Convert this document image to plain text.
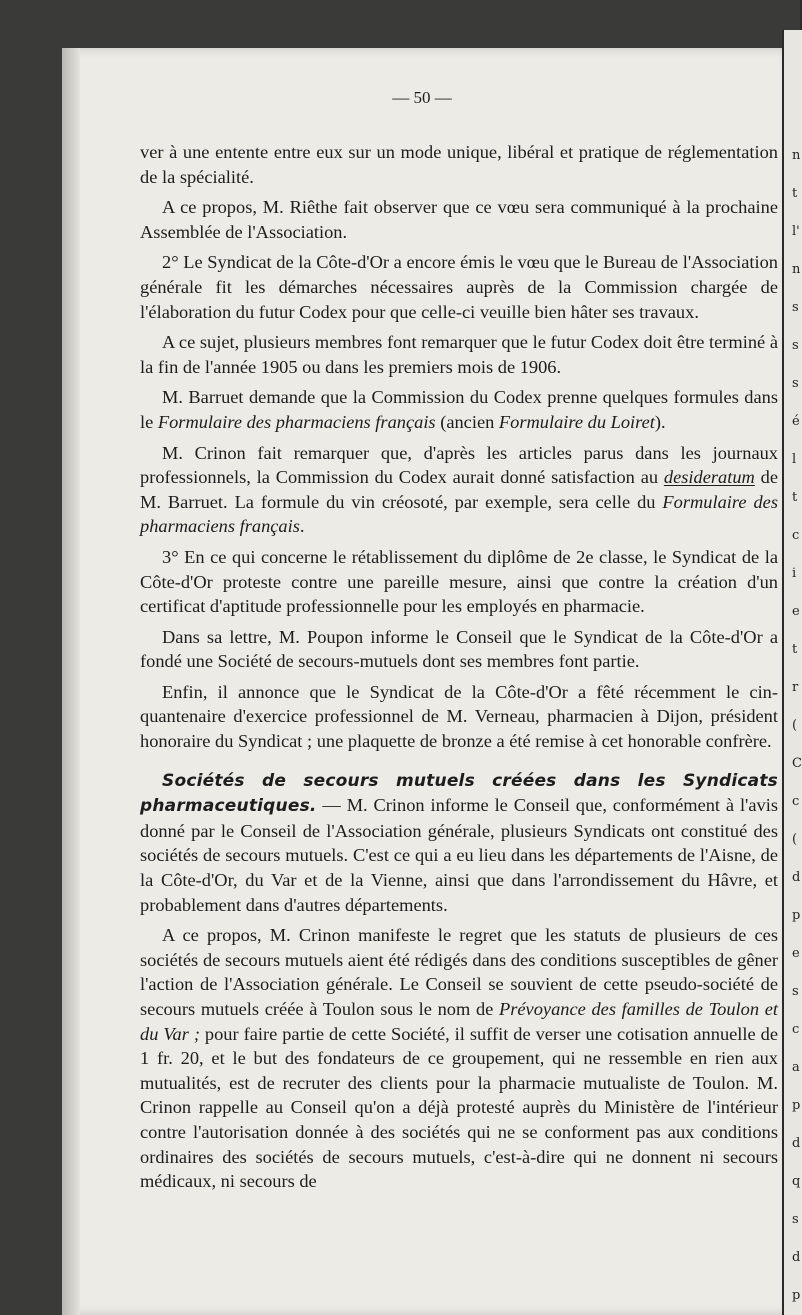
n
t
l'
n
s
s
s
é
l
t
c
i
e
t
r
(
C
c
(
d
p
e
s
c
a
p
d
q
s
d
p
— 50 —

ver à une entente entre eux sur un mode unique, libéral et pratique de réglementation de la spécialité.

A ce propos, M. Riêthe fait observer que ce vœu sera communiqué à la prochaine Assemblée de l'Association.

2° Le Syndicat de la Côte-d'Or a encore émis le vœu que le Bureau de l'Association générale fit les démarches nécessaires auprès de la Commission chargée de l'élaboration du futur Codex pour que celle-ci veuille bien hâter ses travaux.

A ce sujet, plusieurs membres font remarquer que le futur Codex doit être terminé à la fin de l'année 1905 ou dans les premiers mois de 1906.

M. Barruet demande que la Commission du Codex prenne quelques formules dans le Formulaire des pharmaciens français (ancien Formulaire du Loiret).

M. Crinon fait remarquer que, d'après les articles parus dans les journaux professionnels, la Commission du Codex aurait donné satisfaction au desideratum de M. Barruet. La formule du vin créosoté, par exemple, sera celle du Formulaire des pharmaciens français.

3° En ce qui concerne le rétablissement du diplôme de 2e classe, le Syndicat de la Côte-d'Or proteste contre une pareille mesure, ainsi que contre la création d'un certificat d'aptitude professionnelle pour les employés en pharmacie.

Dans sa lettre, M. Poupon informe le Conseil que le Syndicat de la Côte-d'Or a fondé une Société de secours-mutuels dont ses membres font partie.

Enfin, il annonce que le Syndicat de la Côte-d'Or a fêté récemment le cinquantenaire d'exercice professionnel de M. Verneau, pharmacien à Dijon, président honoraire du Syndicat ; une plaquette de bronze a été remise à cet honorable confrère.

Sociétés de secours mutuels créées dans les Syndicats pharmaceutiques. — M. Crinon informe le Conseil que, conformément à l'avis donné par le Conseil de l'Association générale, plusieurs Syndicats ont constitué des sociétés de secours mutuels. C'est ce qui a eu lieu dans les départements de l'Aisne, de la Côte-d'Or, du Var et de la Vienne, ainsi que dans l'arrondissement du Hâvre, et probablement dans d'autres départements.

A ce propos, M. Crinon manifeste le regret que les statuts de plusieurs de ces sociétés de secours mutuels aient été rédigés dans des conditions susceptibles de gêner l'action de l'Association générale. Le Conseil se souvient de cette pseudo-société de secours mutuels créée à Toulon sous le nom de Prévoyance des familles de Toulon et du Var ; pour faire partie de cette Société, il suffit de verser une cotisation annuelle de 1 fr. 20, et le but des fondateurs de ce groupement, qui ne ressemble en rien aux mutualités, est de recruter des clients pour la pharmacie mutualiste de Toulon. M. Crinon rappelle au Conseil qu'on a déjà protesté auprès du Ministère de l'intérieur contre l'autorisation donnée à des sociétés qui ne se conforment pas aux conditions ordinaires des sociétés de secours mutuels, c'est-à-dire qui ne donnent ni secours médicaux, ni secours de
